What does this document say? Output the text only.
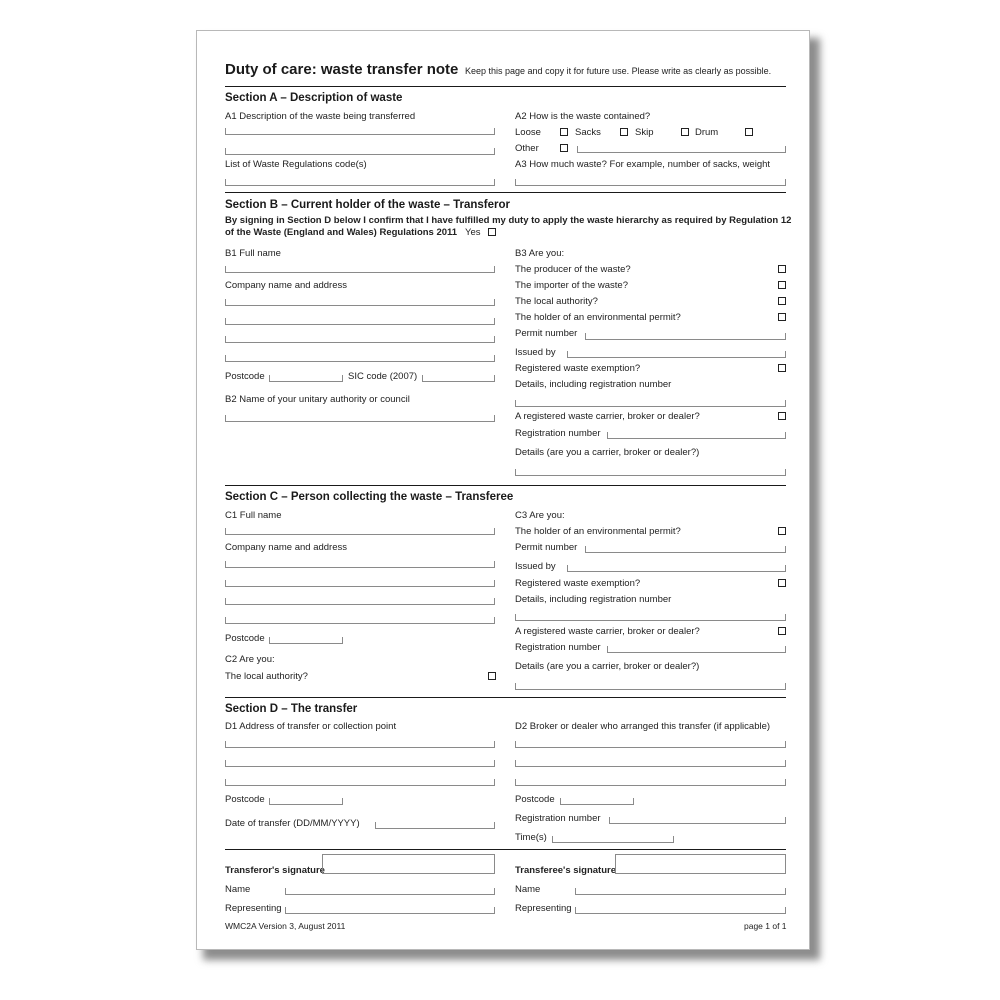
Duty of care: waste transfer note Keep this page and copy it for future use. Please write as clearly as possible.
Section A – Description of waste
A1 Description of the waste being transferred
List of Waste Regulations code(s)
A2 How is the waste contained?
Loose	Sacks	Skip	Drum
Other
A3 How much waste? For example, number of sacks, weight
Section B – Current holder of the waste – Transferor
By signing in Section D below I confirm that I have fulfilled my duty to apply the waste hierarchy as required by Regulation 12
of the Waste (England and Wales) Regulations 2011 Yes
B1 Full name
Company name and address
Postcode	SIC code (2007)
B2 Name of your unitary authority or council
B3 Are you:
The producer of the waste?
The importer of the waste?
The local authority?
The holder of an environmental permit?
Permit number
Issued by
Registered waste exemption?
Details, including registration number
A registered waste carrier, broker or dealer?
Registration number
Details (are you a carrier, broker or dealer?)
Section C – Person collecting the waste – Transferee
C1 Full name
Company name and address
Postcode
C2 Are you:
The local authority?
C3 Are you:
The holder of an environmental permit?
Permit number
Issued by
Registered waste exemption?
Details, including registration number
A registered waste carrier, broker or dealer?
Registration number
Details (are you a carrier, broker or dealer?)
Section D – The transfer
D1 Address of transfer or collection point
Postcode
Date of transfer (DD/MM/YYYY)
D2 Broker or dealer who arranged this transfer (if applicable)
Postcode
Registration number
Time(s)
Transferor's signature
Name
Representing
Transferee's signature
Name
Representing
WMC2A Version 3, August 2011	page 1 of 1
